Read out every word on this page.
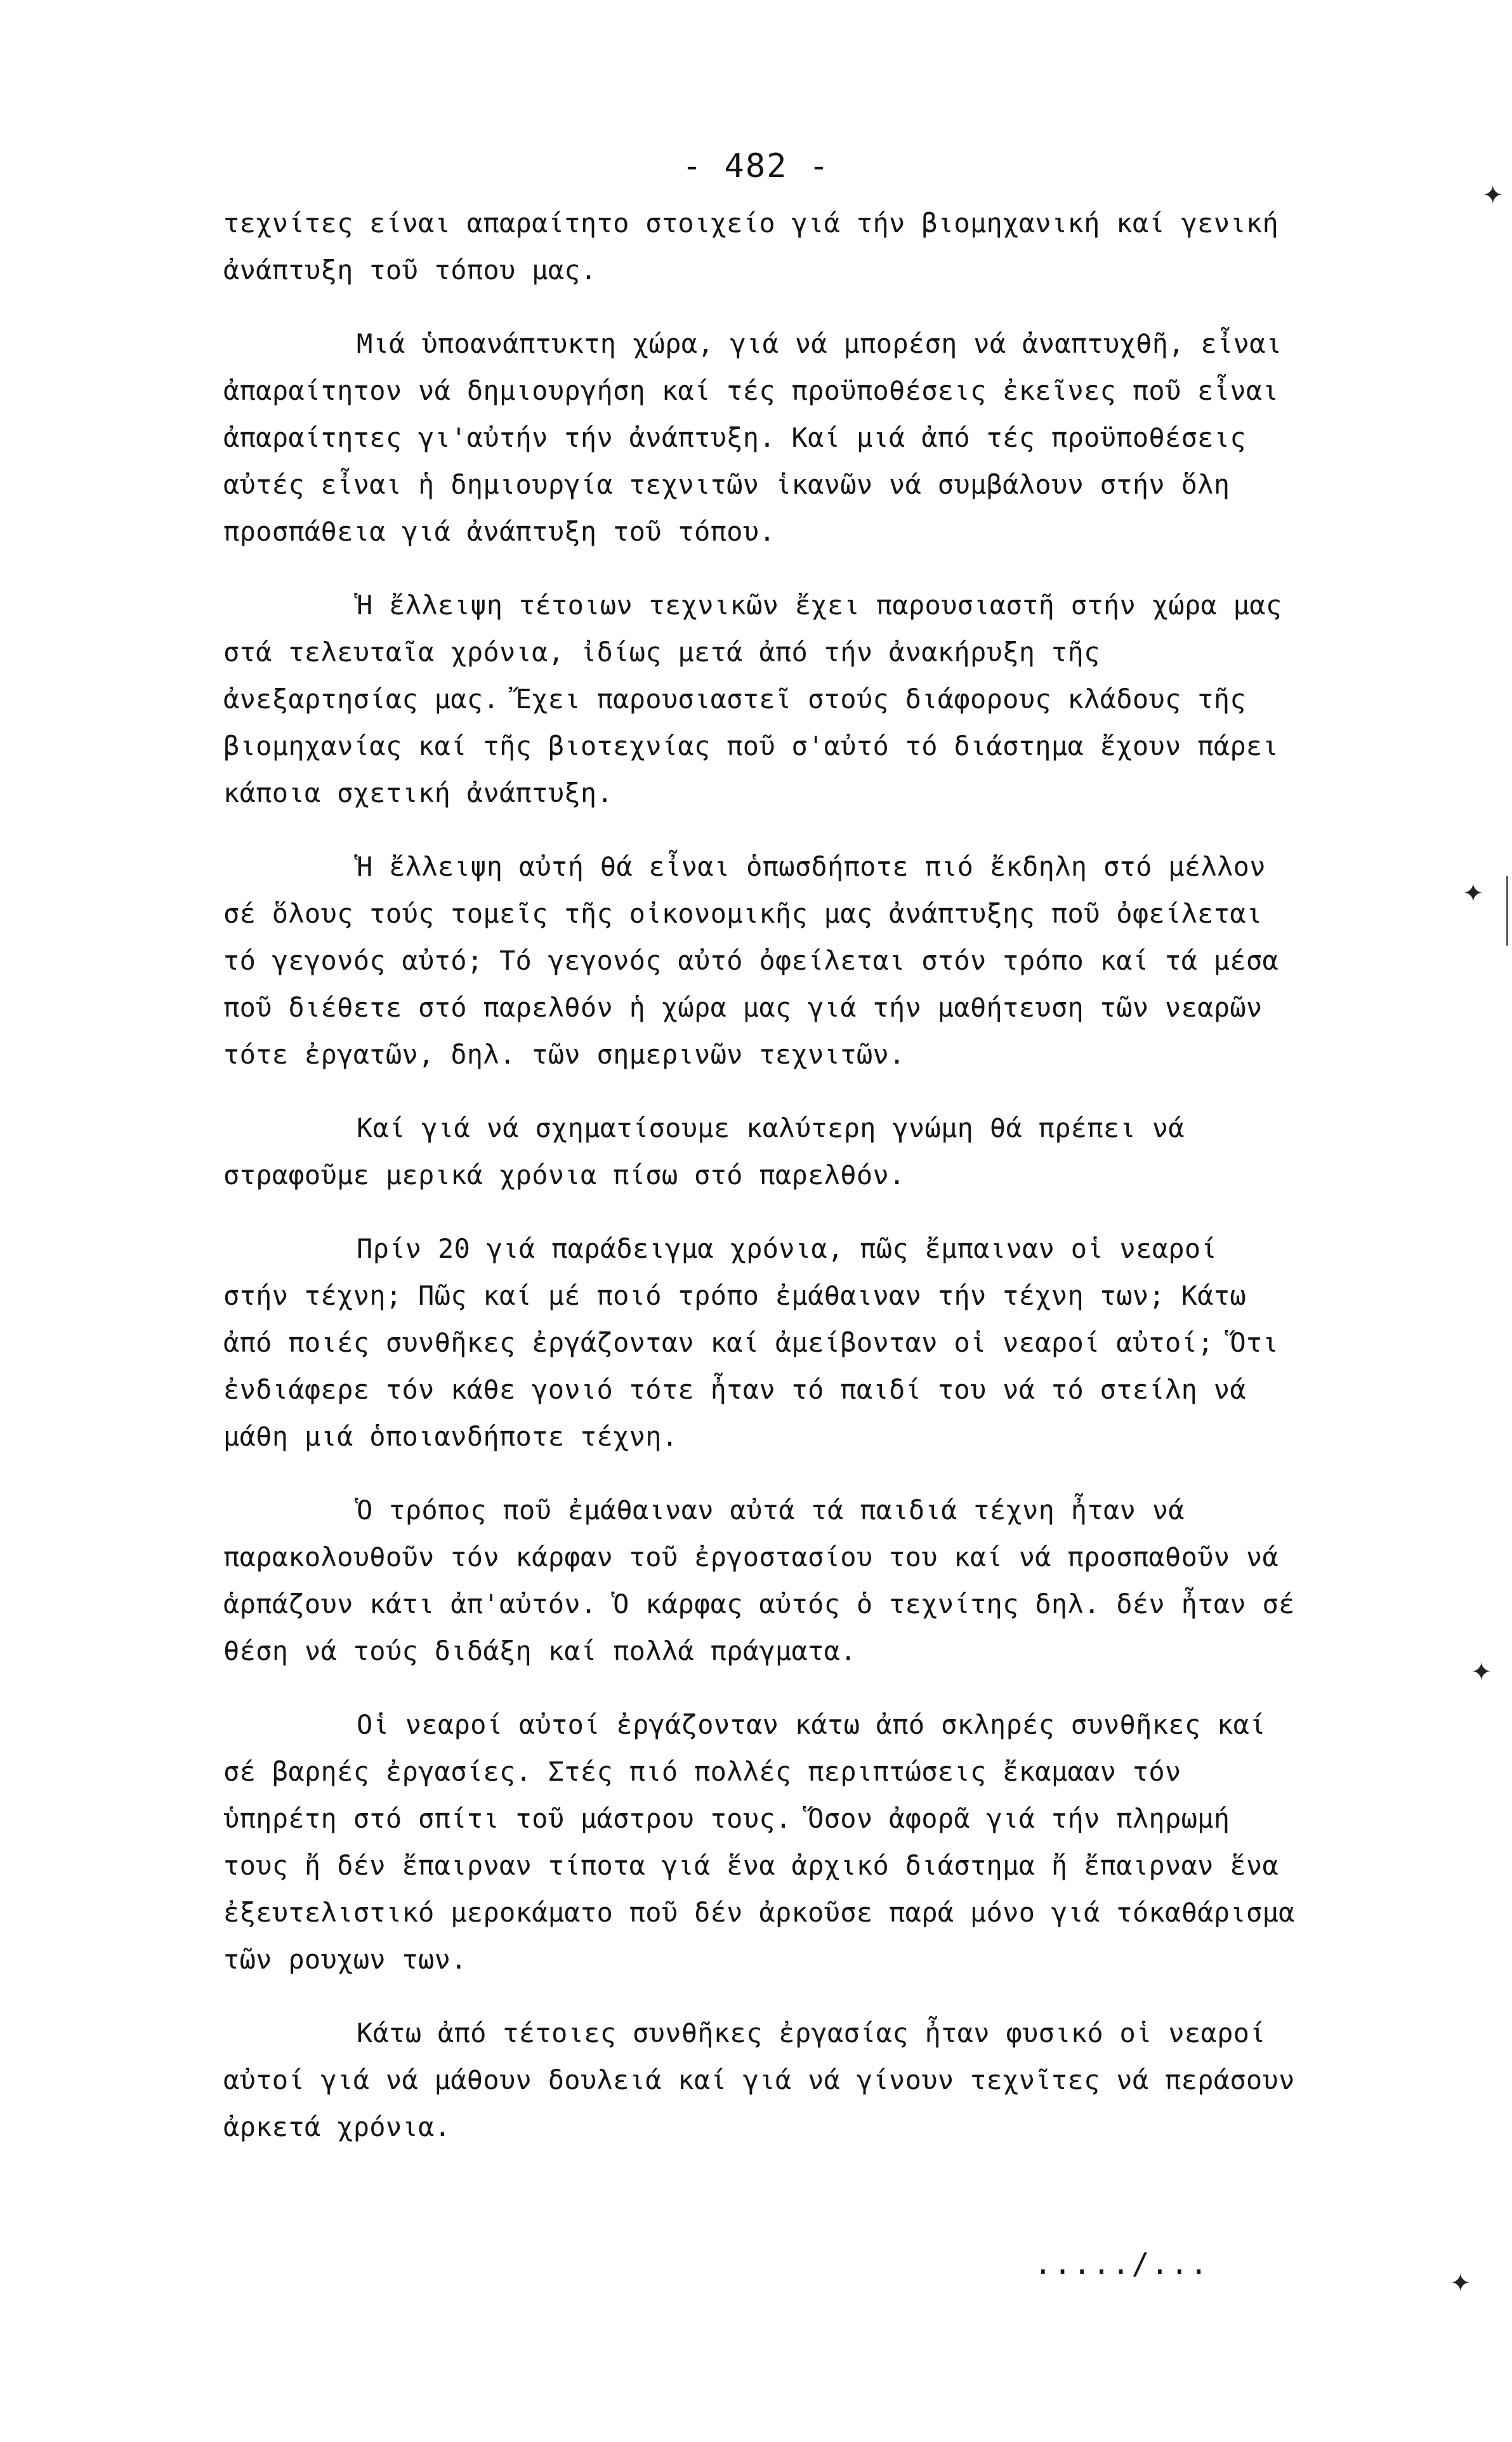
- 482 -

τεχνίτες είναι απαραίτητο στοιχείο γιά τήν βιομηχανική καί γενική ἀνάπτυξη τοῦ τόπου μας.

Μιά ὑποανάπτυκτη χώρα, γιά νά μπορέση νά ἀναπτυχθῆ, εἶναι ἀπαραίτητον νά δημιουργήση καί τές προϋποθέσεις ἐκεῖνες ποῦ εἶναι ἀπαραίτητες γι'αὐτήν τήν ἀνάπτυξη. Καί μιά ἀπό τές προϋποθέσεις αὐτές εἶναι ἡ δημιουργία τεχνιτῶν ἱκανῶν νά συμβάλουν στήν ὅλη προσπάθεια γιά ἀνάπτυξη τοῦ τόπου.

Ἡ ἔλλειψη τέτοιων τεχνικῶν ἔχει παρουσιαστῆ στήν χώρα μας στά τελευταῖα χρόνια, ἰδίως μετά ἀπό τήν ἀνακήρυξη τῆς ἀνεξαρτησίας μας. Ἔχει παρουσιαστεῖ στούς διάφορους κλάδους τῆς βιομηχανίας καί τῆς βιοτεχνίας ποῦ σ'αὐτό τό διάστημα ἔχουν πάρει κάποια σχετική ἀνάπτυξη.

Ἡ ἔλλειψη αὐτή θά εἶναι ὁπωσδήποτε πιό ἔκδηλη στό μέλλον σέ ὅλους τούς τομεῖς τῆς οἰκονομικῆς μας ἀνάπτυξης ποῦ ὀφείλεται τό γεγονός αὐτό; Τό γεγονός αὐτό ὀφείλεται στόν τρόπο καί τά μέσα ποῦ διέθετε στό παρελθόν ἡ χώρα μας γιά τήν μαθήτευση τῶν νεαρῶν τότε ἐργατῶν, δηλ. τῶν σημερινῶν τεχνιτῶν.

Καί γιά νά σχηματίσουμε καλύτερη γνώμη θά πρέπει νά στραφοῦμε μερικά χρόνια πίσω στό παρελθόν.

Πρίν 20 γιά παράδειγμα χρόνια, πῶς ἔμπαιναν οἱ νεαροί στήν τέχνη; Πῶς καί μέ ποιό τρόπο ἐμάθαιναν τήν τέχνη των; Κάτω ἀπό ποιές συνθῆκες ἐργάζονταν καί ἀμείβονταν οἱ νεαροί αὐτοί; Ὅτι ἐνδιάφερε τόν κάθε γονιό τότε ἦταν τό παιδί του νά τό στείλη νά μάθη μιά ὁποιανδήποτε τέχνη.

Ὁ τρόπος ποῦ ἐμάθαιναν αὐτά τά παιδιά τέχνη ἦταν νά παρακολουθοῦν τόν κάρφαν τοῦ ἐργοστασίου του καί νά προσπαθοῦν νά ἁρπάζουν κάτι ἀπ'αὐτόν. Ὁ κάρφας αὐτός ὁ τεχνίτης δηλ. δέν ἦταν σέ θέση νά τούς διδάξη καί πολλά πράγματα.

Οἱ νεαροί αὐτοί ἐργάζονταν κάτω ἀπό σκληρές συνθῆκες καί σέ βαρηές ἐργασίες. Στές πιό πολλές περιπτώσεις ἔκαμααν τόν ὑπηρέτη στό σπίτι τοῦ μάστρου τους. Ὅσον ἀφορᾶ γιά τήν πληρωμή τους ἤ δέν ἔπαιρναν τίποτα γιά ἕνα ἀρχικό διάστημα ἤ ἔπαιρναν ἕνα ἐξευτελιστικό μεροκάματο ποῦ δέν ἀρκοῦσε παρά μόνο γιά τόκαθάρισμα τῶν ρουχων των.

Κάτω ἀπό τέτοιες συνθῆκες ἐργασίας ἦταν φυσικό οἱ νεαροί αὐτοί γιά νά μάθουν δουλειά καί γιά νά γίνουν τεχνῖτες νά περάσουν ἀρκετά χρόνια.

...../...
✦
✦
✦
✦
